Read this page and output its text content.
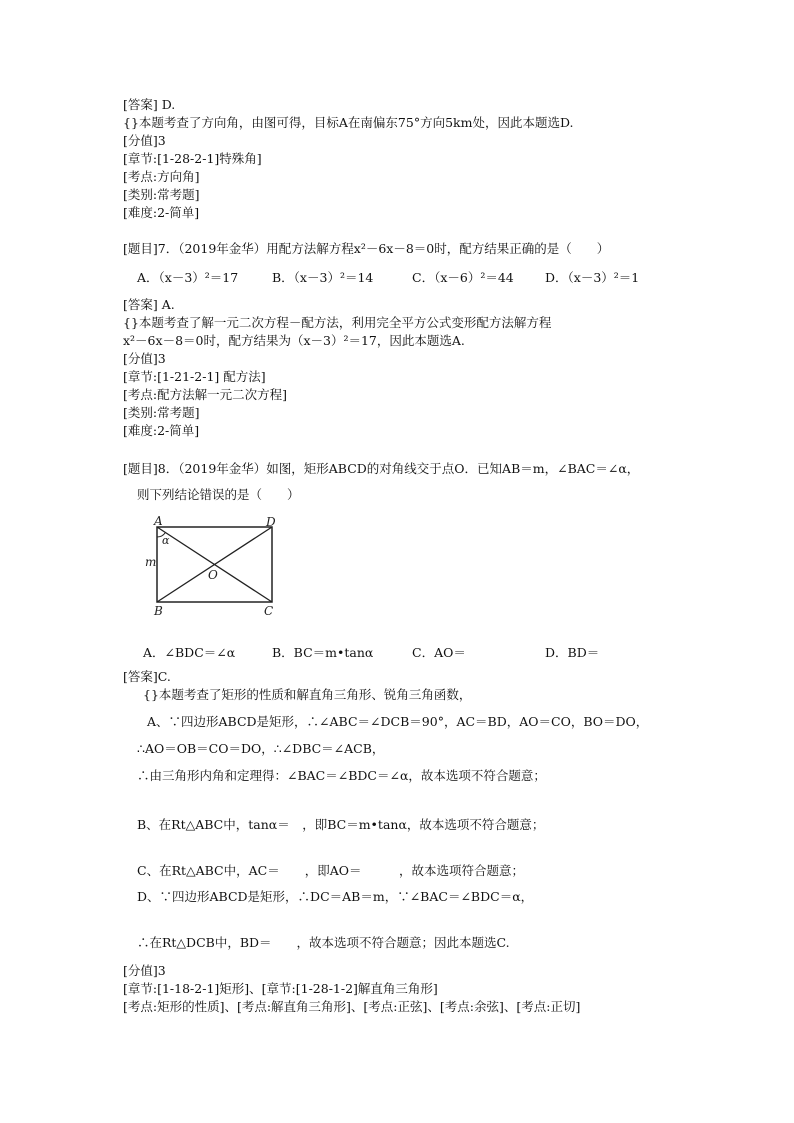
[答案] D.
{}本题考查了方向角，由图可得，目标A在南偏东75°方向5km处，因此本题选D.
[分值]3
[章节:[1-28-2-1]特殊角]
[考点:方向角]
[类别:常考题]
[难度:2-简单]
[题目]7．（2019年金华）用配方法解方程x²－6x－8＝0时，配方结果正确的是（　　）
A．（x－3）²＝17	B．（x－3）²＝14	C．（x－6）²＝44	D．（x－3）²＝1
[答案] A.
{}本题考查了解一元二次方程－配方法，利用完全平方公式变形配方法解方程
x²－6x－8＝0时，配方结果为（x－3）²＝17，因此本题选A.
[分值]3
[章节:[1-21-2-1] 配方法]
[考点:配方法解一元二次方程]
[类别:常考题]
[难度:2-简单]
[题目]8．（2019年金华）如图，矩形ABCD的对角线交于点O．已知AB＝m，∠BAC＝∠α，
则下列结论错误的是（　　）
A	D
B	C
O
m
α
A．∠BDC＝∠α	B．BC＝m•tanα	C．AO＝	D．BD＝
[答案]C.
{}本题考查了矩形的性质和解直角三角形、锐角三角函数，
A、∵四边形ABCD是矩形，∴∠ABC＝∠DCB＝90°，AC＝BD，AO＝CO，BO＝DO，
∴AO＝OB＝CO＝DO，∴∠DBC＝∠ACB，
∴由三角形内角和定理得：∠BAC＝∠BDC＝∠α，故本选项不符合题意；
B、在Rt△ABC中，tanα＝　，即BC＝m•tanα，故本选项不符合题意；
C、在Rt△ABC中，AC＝　　，即AO＝　　　，故本选项符合题意；
D、∵四边形ABCD是矩形，∴DC＝AB＝m，∵∠BAC＝∠BDC＝α，
∴在Rt△DCB中，BD＝　　，故本选项不符合题意；因此本题选C.
[分值]3
[章节:[1-18-2-1]矩形]、[章节:[1-28-1-2]解直角三角形]
[考点:矩形的性质]、[考点:解直角三角形]、[考点:正弦]、[考点:余弦]、[考点:正切]
